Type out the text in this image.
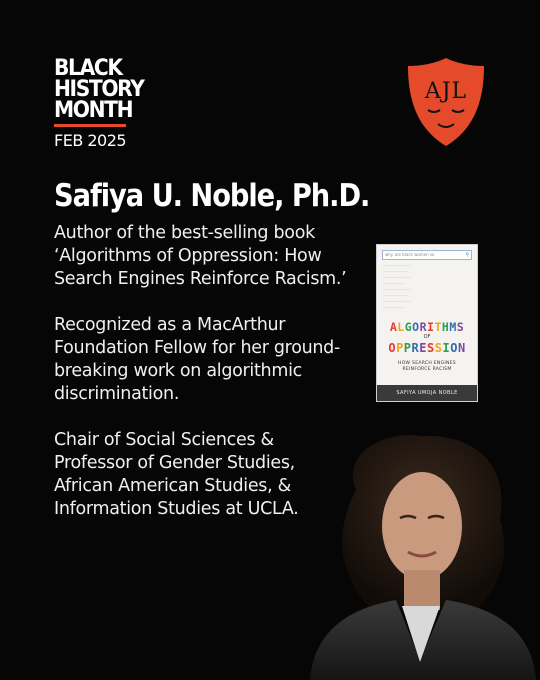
BLACK
HISTORY
MONTH
FEB 2025
AJL
Safiya U. Noble, Ph.D.

Author of the best-selling book ‘Algorithms of Oppression: How Search Engines Reinforce Racism.’

Recognized as a MacArthur Foundation Fellow for her ground-breaking work on algorithmic discrimination.

Chair of Social Sciences & Professor of Gender Studies, African American Studies, & Information Studies at UCLA.

why are black women so	⚲
————————
———————
————————
——————
————————
———————
————————
——————
ALGORITHMS
OF
OPPRESSION
HOW SEARCH ENGINES
REINFORCE RACISM
SAFIYA UMOJA NOBLE
